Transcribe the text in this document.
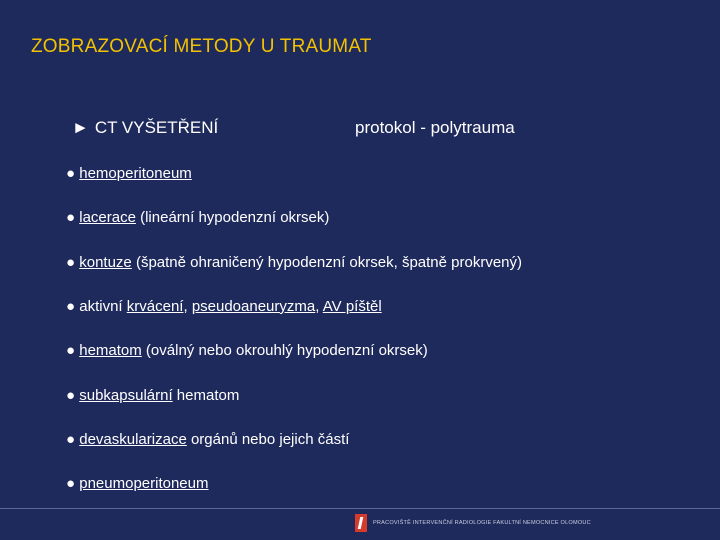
ZOBRAZOVACÍ METODY U TRAUMAT
► CT VYŠETŘENÍ	protokol - polytrauma
● hemoperitoneum
● lacerace (lineární hypodenzní okrsek)
● kontuze (špatně ohraničený hypodenzní okrsek, špatně prokrvený)
● aktivní krvácení, pseudoaneuryzma, AV píštěl
● hematom (oválný nebo okrouhlý hypodenzní okrsek)
● subkapsulární hematom
● devaskularizace orgánů nebo jejich částí
● pneumoperitoneum
PRACOVIŠTĚ INTERVENČNÍ RADIOLOGIE FAKULTNÍ NEMOCNICE OLOMOUC
